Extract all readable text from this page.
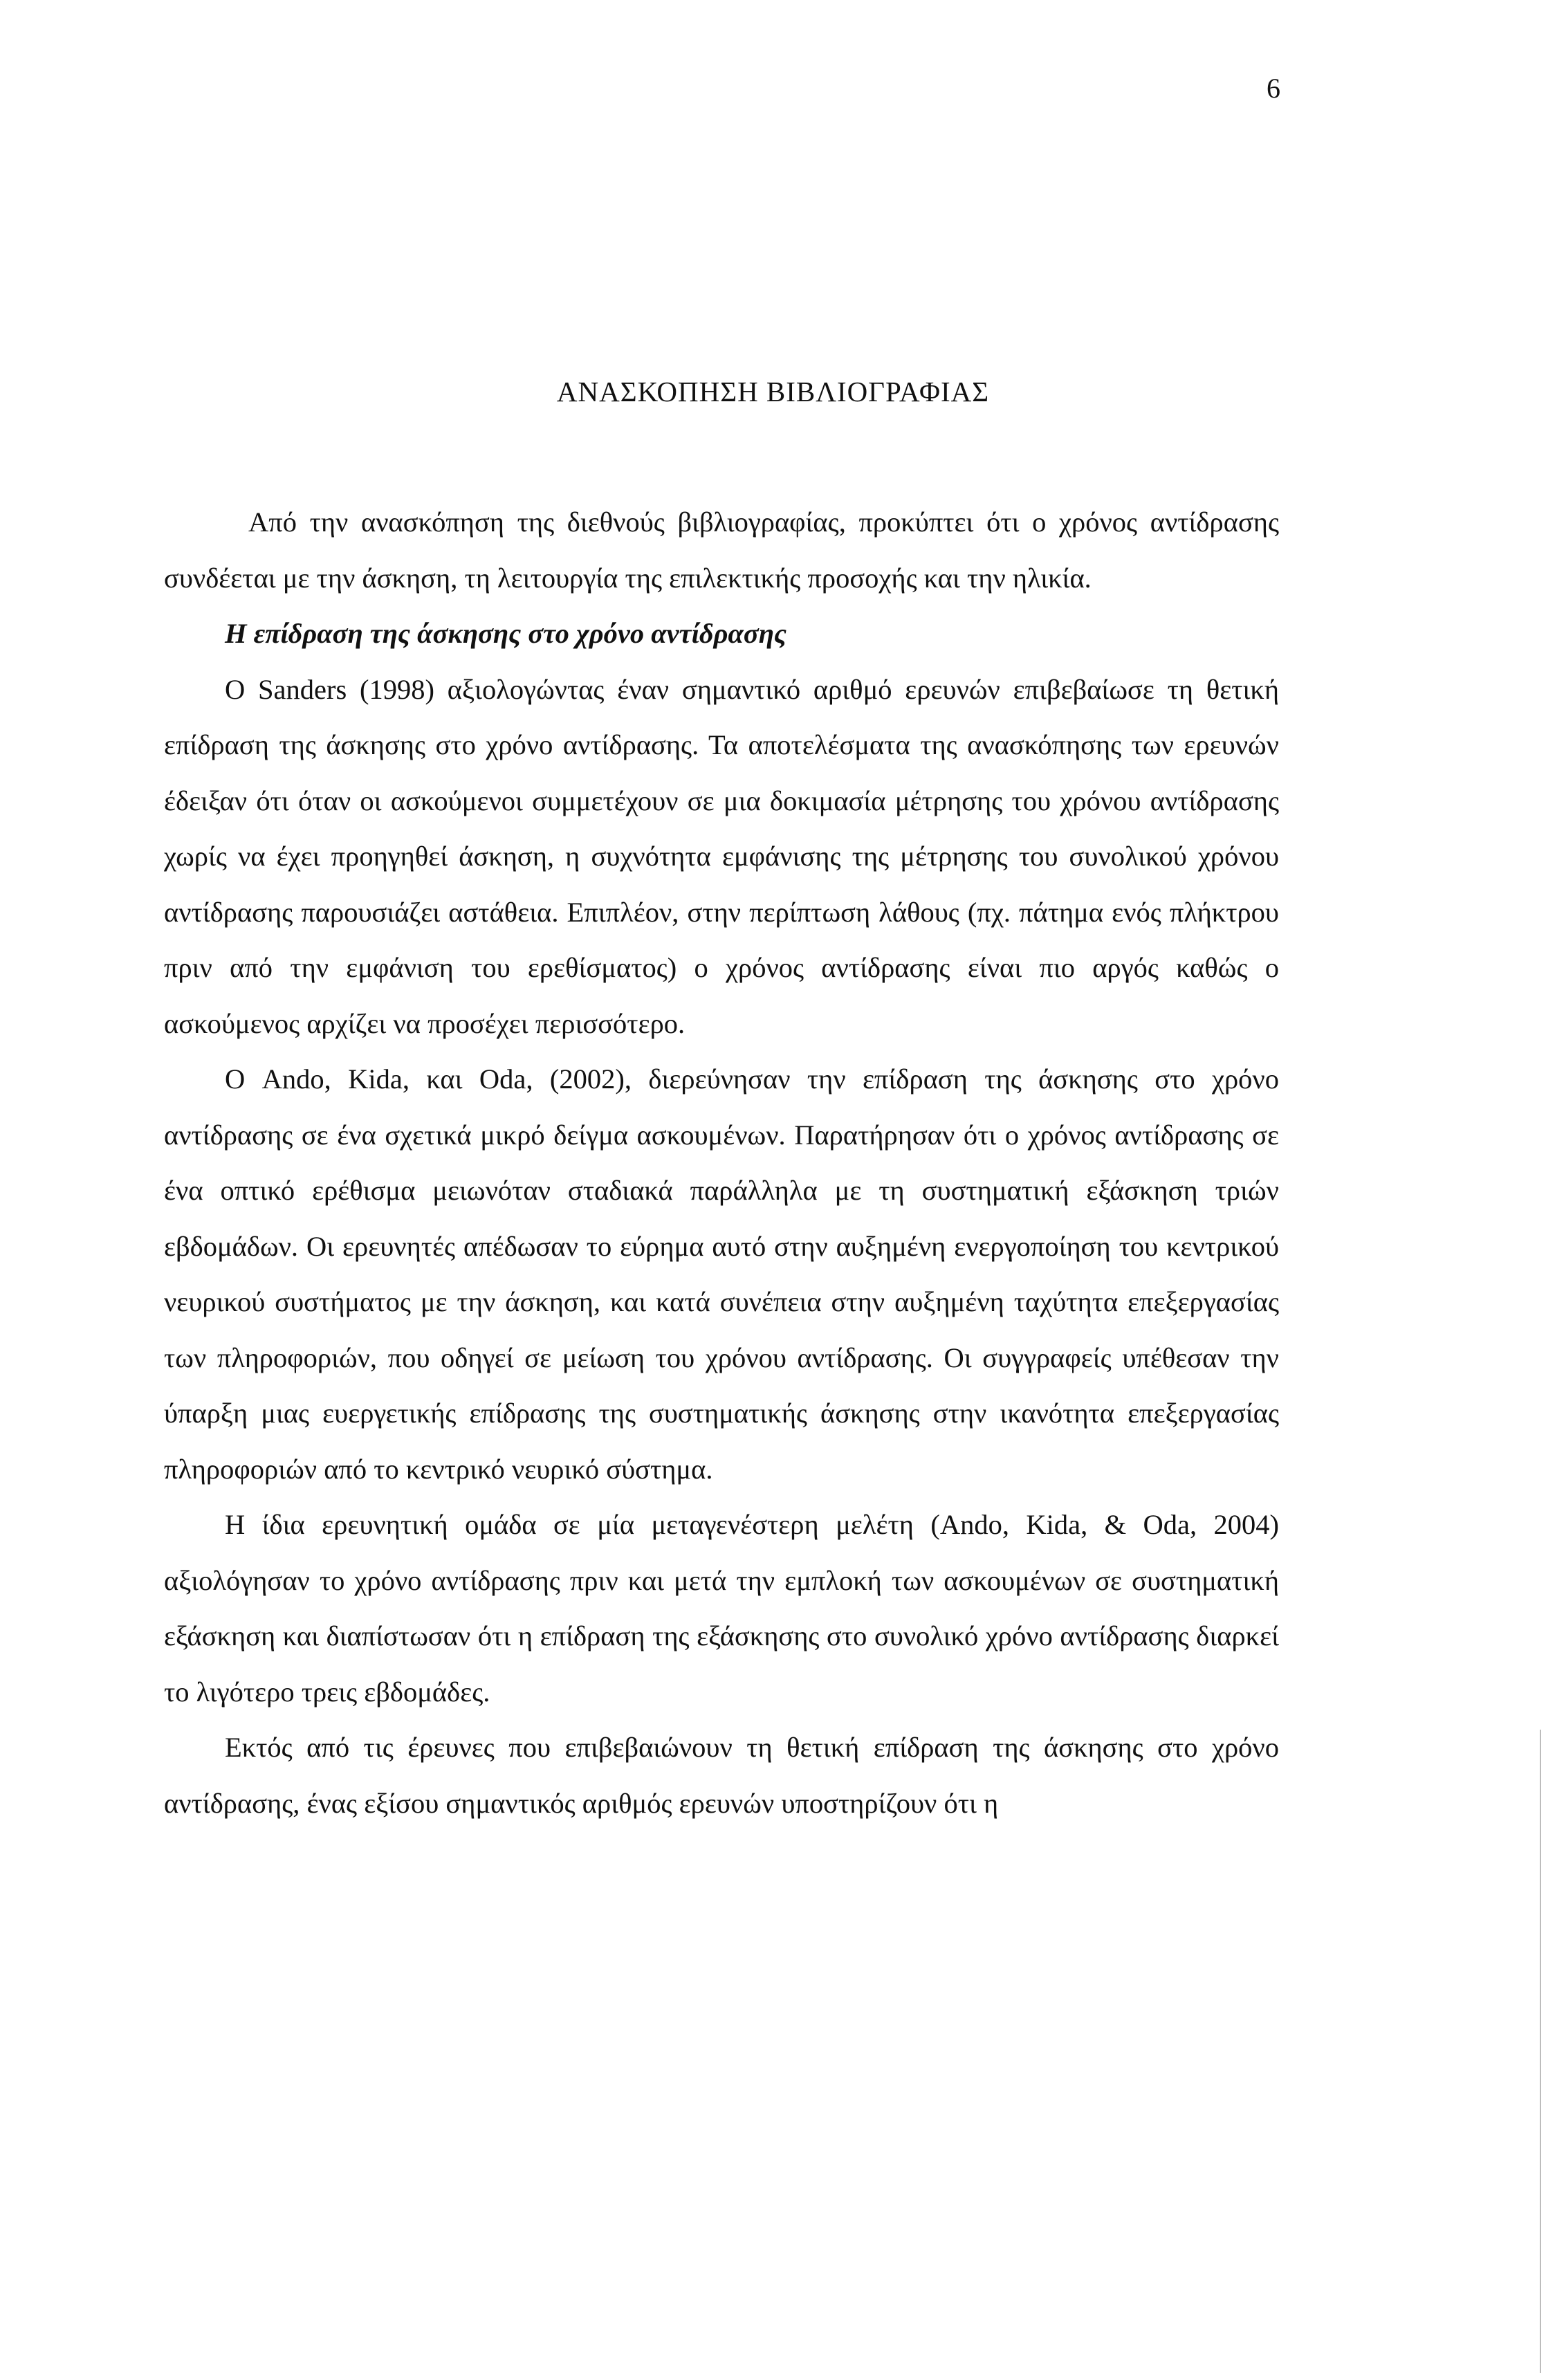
6
ΑΝΑΣΚΟΠΗΣΗ ΒΙΒΛΙΟΓΡΑΦΙΑΣ

Από την ανασκόπηση της διεθνούς βιβλιογραφίας, προκύπτει ότι ο χρόνος αντίδρασης συνδέεται με την άσκηση, τη λειτουργία της επιλεκτικής προσοχής και την ηλικία.

Η επίδραση της άσκησης στο χρόνο αντίδρασης

Ο Sanders (1998) αξιολογώντας έναν σημαντικό αριθμό ερευνών επιβεβαίωσε τη θετική επίδραση της άσκησης στο χρόνο αντίδρασης. Τα αποτελέσματα της ανασκόπησης των ερευνών έδειξαν ότι όταν οι ασκούμενοι συμμετέχουν σε μια δοκιμασία μέτρησης του χρόνου αντίδρασης χωρίς να έχει προηγηθεί άσκηση, η συχνότητα εμφάνισης της μέτρησης του συνολικού χρόνου αντίδρασης παρουσιάζει αστάθεια. Επιπλέον, στην περίπτωση λάθους (πχ. πάτημα ενός πλήκτρου πριν από την εμφάνιση του ερεθίσματος) ο χρόνος αντίδρασης είναι πιο αργός καθώς ο ασκούμενος αρχίζει να προσέχει περισσότερο.

Ο Ando, Kida, και Oda, (2002), διερεύνησαν την επίδραση της άσκησης στο χρόνο αντίδρασης σε ένα σχετικά μικρό δείγμα ασκουμένων. Παρατήρησαν ότι ο χρόνος αντίδρασης σε ένα οπτικό ερέθισμα μειωνόταν σταδιακά παράλληλα με τη συστηματική εξάσκηση τριών εβδομάδων. Οι ερευνητές απέδωσαν το εύρημα αυτό στην αυξημένη ενεργοποίηση του κεντρικού νευρικού συστήματος με την άσκηση, και κατά συνέπεια στην αυξημένη ταχύτητα επεξεργασίας των πληροφοριών, που οδηγεί σε μείωση του χρόνου αντίδρασης. Οι συγγραφείς υπέθεσαν την ύπαρξη μιας ευεργετικής επίδρασης της συστηματικής άσκησης στην ικανότητα επεξεργασίας πληροφοριών από το κεντρικό νευρικό σύστημα.

Η ίδια ερευνητική ομάδα σε μία μεταγενέστερη μελέτη (Ando, Kida, & Oda, 2004) αξιολόγησαν το χρόνο αντίδρασης πριν και μετά την εμπλοκή των ασκουμένων σε συστηματική εξάσκηση και διαπίστωσαν ότι η επίδραση της εξάσκησης στο συνολικό χρόνο αντίδρασης διαρκεί το λιγότερο τρεις εβδομάδες.

Εκτός από τις έρευνες που επιβεβαιώνουν τη θετική επίδραση της άσκησης στο χρόνο αντίδρασης, ένας εξίσου σημαντικός αριθμός ερευνών υποστηρίζουν ότι η
